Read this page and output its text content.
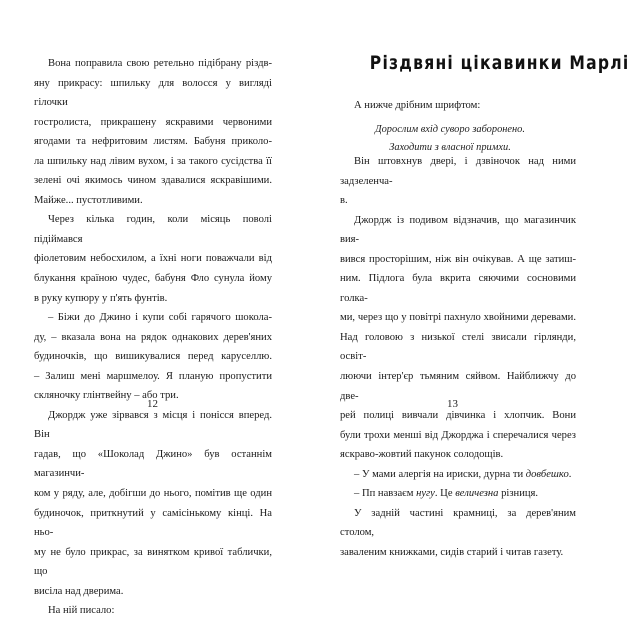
Вона поправила свою ретельно підібрану різдв-
яну прикрасу: шпильку для волосся у вигляді гілочки
гостролиста, прикрашену яскравими червоними
ягодами та нефритовим листям. Бабуня приколо-
ла шпильку над лівим вухом, і за такого сусідства її
зелені очі якимось чином здавалися яскравішими.
Майже... пустотливими.

Через кілька годин, коли місяць поволі підіймався
фіолетовим небосхилом, а їхні ноги поважчали від
блукання країною чудес, бабуня Фло сунула йому
в руку купюру у п'ять фунтів.

– Біжи до Джино і купи собі гарячого шокола-
ду, – вказала вона на рядок однакових дерев'яних
будиночків, що вишикувалися перед каруселлю.
– Залиш мені маршмелоу. Я планую пропустити
скляночку глінтвейну – або три.

Джордж уже зірвався з місця і понісся вперед. Він
гадав, що «Шоколад Джино» був останнім магазинчи-
ком у ряду, але, добігши до нього, помітив ще один
будиночок, приткнутий у самісінькому кінці. На ньо-
му не було прикрас, за винятком кривої таблички, що
висіла над дверима.

На ній писало:

12
Різдвяні цікавинки Марлі

А нижче дрібним шрифтом:

13
Дорослим вхід суворо заборонено.
Заходити з власної примхи.

Він штовхнув двері, і дзвіночок над ними задзеленча-
в.

Джордж із подивом відзначив, що магазинчик вия-
вився просторішим, ніж він очікував. А ще затиш-
ним. Підлога була вкрита сяючими сосновими голка-
ми, через що у повітрі пахнуло хвойними деревами.
Над головою з низької стелі звисали гірлянди, освіт-
люючи інтер'єр тьмяним сяйвом. Найближчу до две-
рей полиці вивчали дівчинка і хлопчик. Вони
були трохи менші від Джорджа і сперечалися через
яскраво-жовтий пакунок солодощів.

– У мами алергія на ириски, дурна ти довбешко.

– Пп навзаєм нугу. Це величезна різниця.

У задній частині крамниці, за дерев'яним столом,
заваленим книжками, сидів старий і читав газету.
